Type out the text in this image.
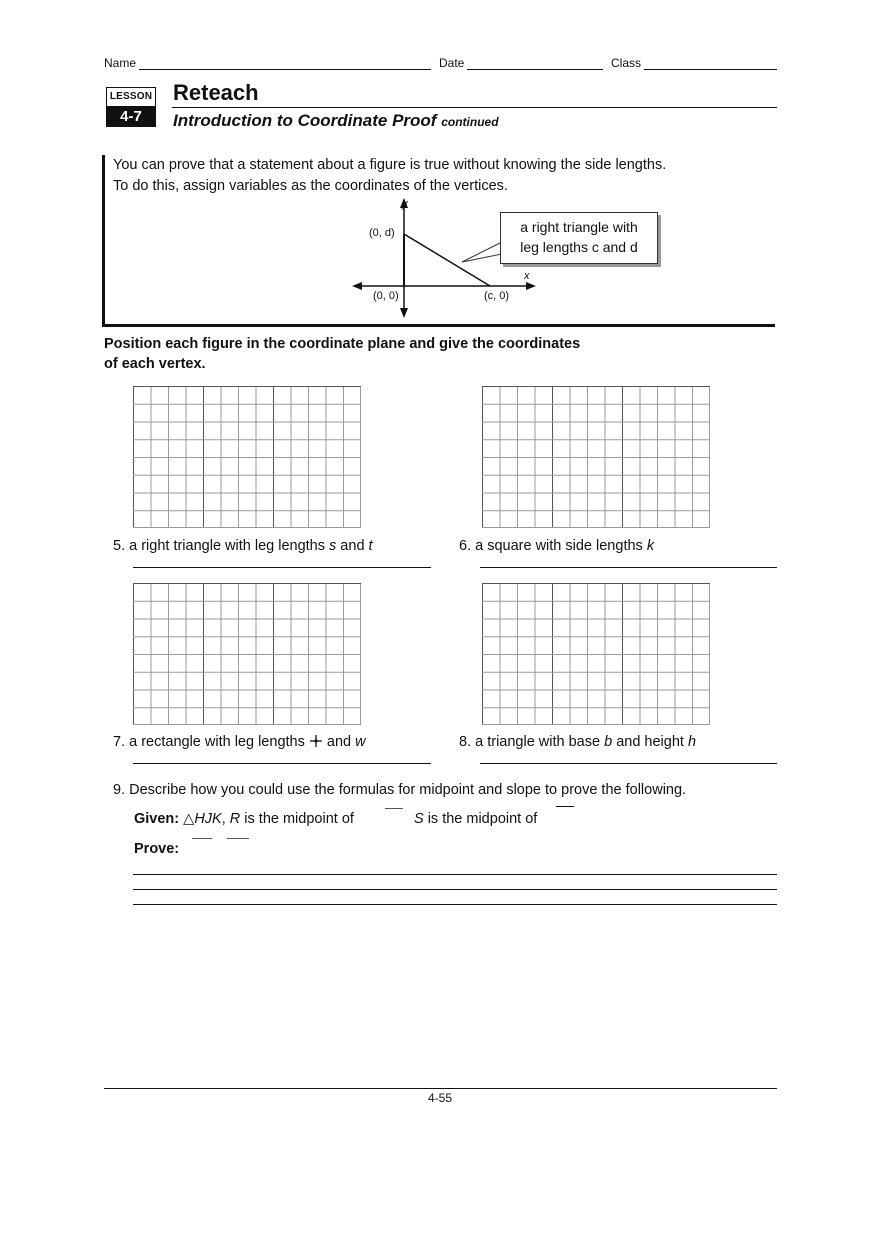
Name	Date	Class
LESSON
4-7
Reteach
Introduction to Coordinate Proof continued
You can prove that a statement about a figure is true without knowing the side lengths.
To do this, assign variables as the coordinates of the vertices.
y
x
(0, d)
(0, 0)	(c, 0)
a right triangle with
leg lengths c and d
Position each figure in the coordinate plane and give the coordinates
of each vertex.
5. a right triangle with leg lengths s and t	6. a square with side lengths k
7. a rectangle with leg lengths  and w	8. a triangle with base b and height h
9. Describe how you could use the formulas for midpoint and slope to prove the following.
Given: △HJK, R is the midpoint of	S is the midpoint of
Prove:
4-55
